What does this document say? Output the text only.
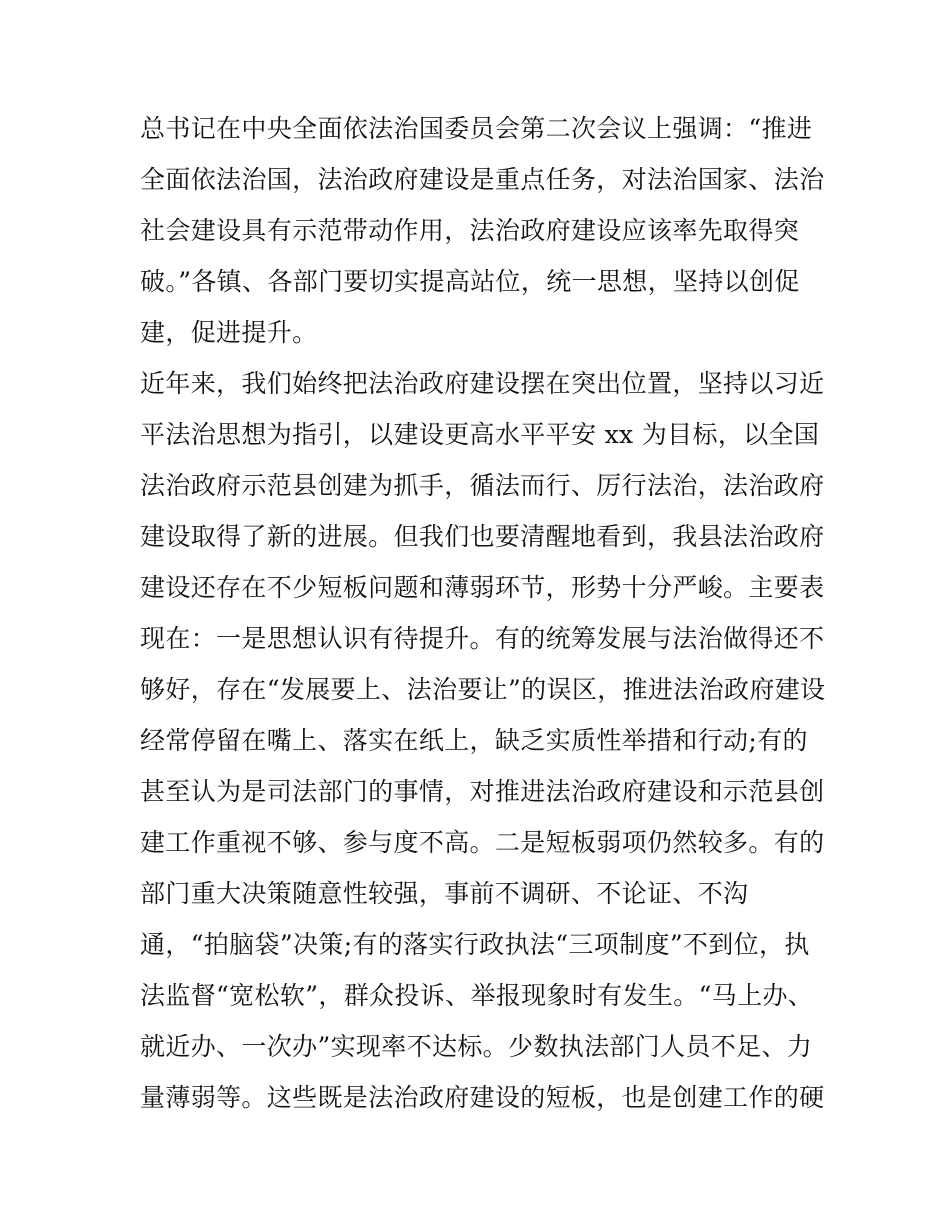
总书记在中央全面依法治国委员会第二次会议上强调：“推进
全面依法治国，法治政府建设是重点任务，对法治国家、法治
社会建设具有示范带动作用，法治政府建设应该率先取得突
破。”各镇、各部门要切实提高站位，统一思想，坚持以创促
建，促进提升。
近年来，我们始终把法治政府建设摆在突出位置，坚持以习近
平法治思想为指引，以建设更高水平平安 xx 为目标，以全国
法治政府示范县创建为抓手，循法而行、厉行法治，法治政府
建设取得了新的进展。但我们也要清醒地看到，我县法治政府
建设还存在不少短板问题和薄弱环节，形势十分严峻。主要表
现在：一是思想认识有待提升。有的统筹发展与法治做得还不
够好，存在“发展要上、法治要让”的误区，推进法治政府建设
经常停留在嘴上、落实在纸上，缺乏实质性举措和行动;有的
甚至认为是司法部门的事情，对推进法治政府建设和示范县创
建工作重视不够、参与度不高。二是短板弱项仍然较多。有的
部门重大决策随意性较强，事前不调研、不论证、不沟
通，“拍脑袋”决策;有的落实行政执法“三项制度”不到位，执
法监督“宽松软”，群众投诉、举报现象时有发生。“马上办、
就近办、一次办”实现率不达标。少数执法部门人员不足、力
量薄弱等。这些既是法治政府建设的短板，也是创建工作的硬
